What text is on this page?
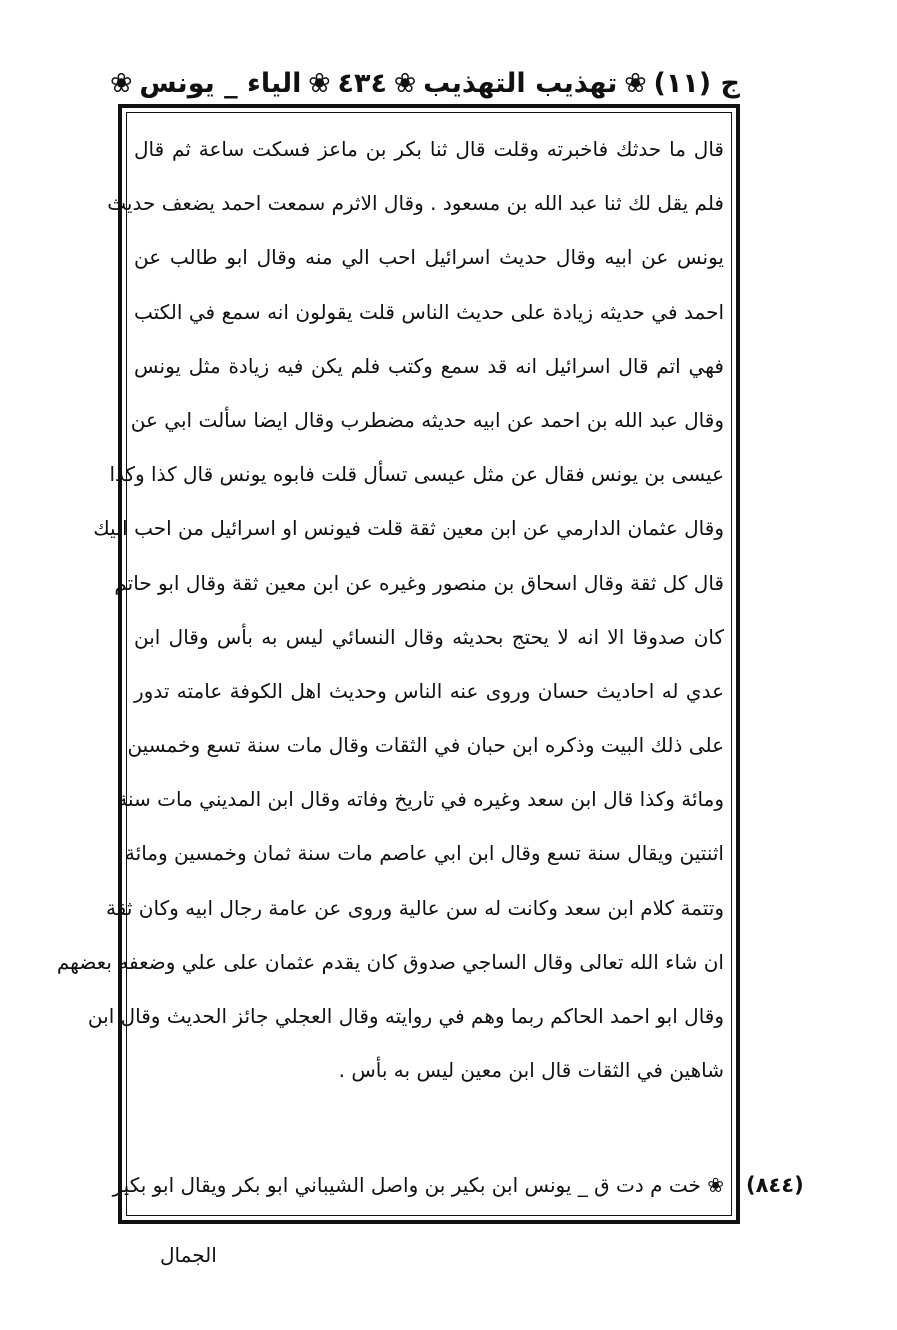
ج (١١)
❀
تهذيب التهذيب
❀
٤٣٤
❀
الياء _ يونس
❀
قال ما حدثك فاخبرته وقلت قال ثنا بكر بن ماعز فسكت ساعة ثم قال
فلم يقل لك ثنا عبد الله بن مسعود . وقال الاثرم سمعت احمد يضعف حديث
يونس عن ابيه وقال حديث اسرائيل احب الي منه وقال ابو طالب عن
احمد في حديثه زيادة على حديث الناس قلت يقولون انه سمع في الكتب
فهي اتم قال اسرائيل انه قد سمع وكتب فلم يكن فيه زيادة مثل يونس
وقال عبد الله بن احمد عن ابيه حديثه مضطرب وقال ايضا سألت ابي عن
عيسى بن يونس فقال عن مثل عيسى تسأل قلت فابوه يونس قال كذا وكذا
وقال عثمان الدارمي عن ابن معين ثقة قلت فيونس او اسرائيل من احب اليك
قال كل ثقة وقال اسحاق بن منصور وغيره عن ابن معين ثقة وقال ابو حاتم
كان صدوقا الا انه لا يحتج بحديثه وقال النسائي ليس به بأس وقال ابن
عدي له احاديث حسان وروى عنه الناس وحديث اهل الكوفة عامته تدور
على ذلك البيت وذكره ابن حبان في الثقات وقال مات سنة تسع وخمسين
ومائة وكذا قال ابن سعد وغيره في تاريخ وفاته وقال ابن المديني مات سنة
اثنتين ويقال سنة تسع وقال ابن ابي عاصم مات سنة ثمان وخمسين ومائة
وتتمة كلام ابن سعد وكانت له سن عالية وروى عن عامة رجال ابيه وكان ثقة
ان شاء الله تعالى وقال الساجي صدوق كان يقدم عثمان على علي وضعفه بعضهم
وقال ابو احمد الحاكم ربما وهم في روايته وقال العجلي جائز الحديث وقال ابن
شاهين في الثقات قال ابن معين ليس به بأس .
❀ خت م دت ق _ يونس ابن بكير بن واصل الشيباني ابو بكر ويقال ابو بكير	(٨٤٤)
الجمال
